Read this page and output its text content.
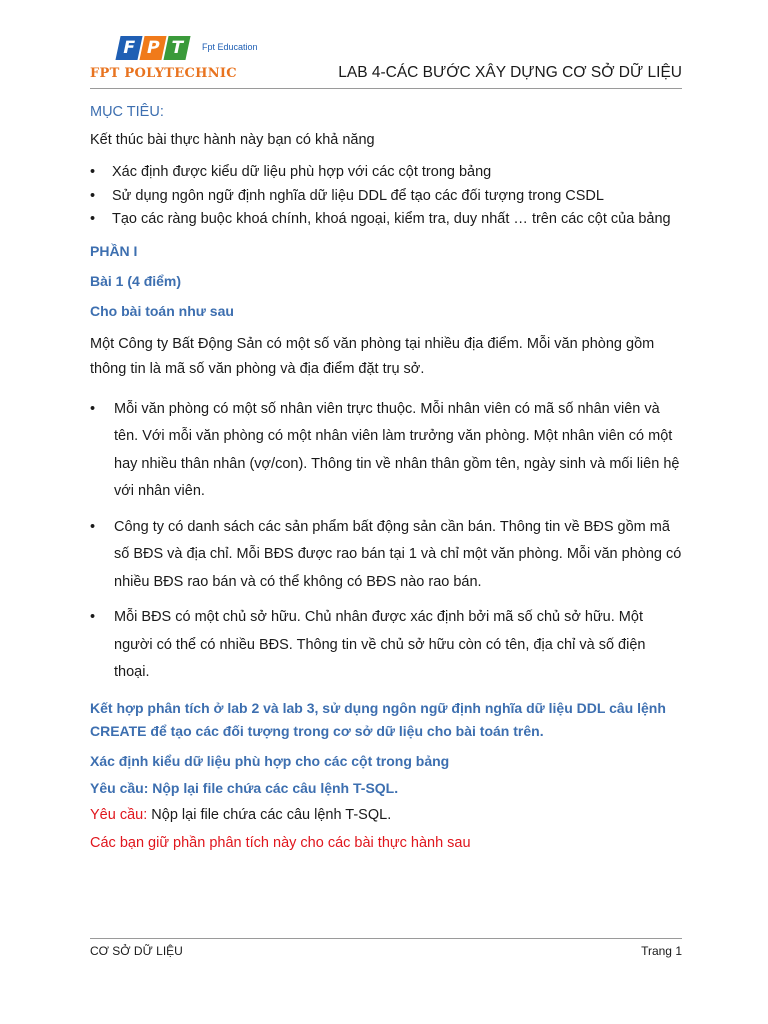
F P T Fpt Education
FPT POLYTECHNIC	LAB 4-CÁC BƯỚC XÂY DỰNG CƠ SỞ DỮ LIỆU

MỤC TIÊU:

Kết thúc bài thực hành này bạn có khả năng

• Xác định được kiểu dữ liệu phù hợp với các cột trong bảng
• Sử dụng ngôn ngữ định nghĩa dữ liệu DDL để tạo các đối tượng trong CSDL
• Tạo các ràng buộc khoá chính, khoá ngoại, kiểm tra, duy nhất … trên các cột của bảng

PHẦN I

Bài 1 (4 điểm)

Cho bài toán như sau

Một Công ty Bất Động Sản có một số văn phòng tại nhiều địa điểm. Mỗi văn phòng gồm thông tin là mã số văn phòng và địa điểm đặt trụ sở.

• Mỗi văn phòng có một số nhân viên trực thuộc. Mỗi nhân viên có mã số nhân viên và tên. Với mỗi văn phòng có một nhân viên làm trưởng văn phòng. Một nhân viên có một hay nhiều thân nhân (vợ/con). Thông tin về nhân thân gồm tên, ngày sinh và mối liên hệ với nhân viên.
• Công ty có danh sách các sản phẩm bất động sản cần bán. Thông tin về BĐS gồm mã số BĐS và địa chỉ. Mỗi BĐS được rao bán tại 1 và chỉ một văn phòng. Mỗi văn phòng có nhiều BĐS rao bán và có thể không có BĐS nào rao bán.
• Mỗi BĐS có một chủ sở hữu. Chủ nhân được xác định bởi mã số chủ sở hữu. Một người có thể có nhiều BĐS. Thông tin về chủ sở hữu còn có tên, địa chỉ và số điện thoại.

Kết hợp phân tích ở lab 2 và lab 3, sử dụng ngôn ngữ định nghĩa dữ liệu DDL câu lệnh CREATE để tạo các đối tượng trong cơ sở dữ liệu cho bài toán trên.

Xác định kiểu dữ liệu phù hợp cho các cột trong bảng

Yêu cầu: Nộp lại file chứa các câu lệnh T-SQL.

Yêu cầu: Nộp lại file chứa các câu lệnh T-SQL.

Các bạn giữ phần phân tích này cho các bài thực hành sau

CƠ SỞ DỮ LIỆU	Trang 1
